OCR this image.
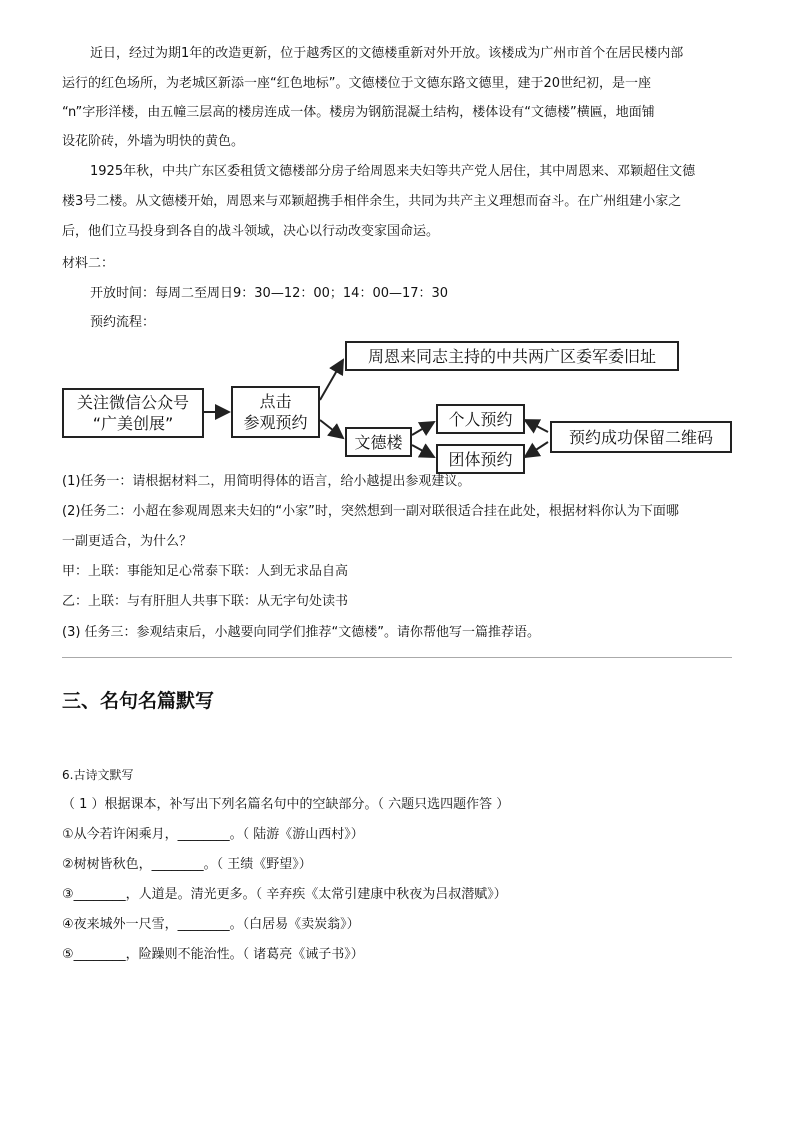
近日，经过为期1年的改造更新，位于越秀区的文德楼重新对外开放。该楼成为广州市首个在居民楼内部
运行的红色场所，为老城区新添一座“红色地标”。文德楼位于文德东路文德里，建于20世纪初，是一座
“n”字形洋楼，由五幢三层高的楼房连成一体。楼房为钢筋混凝土结构，楼体设有“文德楼”横匾，地面铺
设花阶砖，外墙为明快的黄色。
1925年秋，中共广东区委租赁文德楼部分房子给周恩来夫妇等共产党人居住，其中周恩来、邓颖超住文德
楼3号二楼。从文德楼开始，周恩来与邓颖超携手相伴余生，共同为共产主义理想而奋斗。在广州组建小家之
后，他们立马投身到各自的战斗领域，决心以行动改变家国命运。
材料二：
开放时间：每周二至周日9：30—12：00；14：00—17：30
预约流程：
关注微信公众号
“广美创展”
点击
参观预约
周恩来同志主持的中共两广区委军委旧址
文德楼
个人预约
团体预约
预约成功保留二维码
(1)任务一：请根据材料二，用简明得体的语言，给小越提出参观建议。
(2)任务二：小超在参观周恩来夫妇的“小家”时，突然想到一副对联很适合挂在此处，根据材料你认为下面哪
一副更适合，为什么？
甲：上联：事能知足心常泰下联：人到无求品自高
乙：上联：与有肝胆人共事下联：从无字句处读书
(3) 任务三：参观结束后，小越要向同学们推荐“文德楼”。请你帮他写一篇推荐语。
三、名句名篇默写
6.古诗文默写
（ 1 ）根据课本，补写出下列名篇名句中的空缺部分。（ 六题只选四题作答 ）
①从今若许闲乘月，________。（ 陆游《游山西村》）
②树树皆秋色，________。（ 王绩《野望》）
③________，人道是。清光更多。（ 辛弃疾《太常引建康中秋夜为吕叔潜赋》）
④夜来城外一尺雪，________。（白居易《卖炭翁》）
⑤________，险躁则不能治性。（ 诸葛亮《诫子书》）
